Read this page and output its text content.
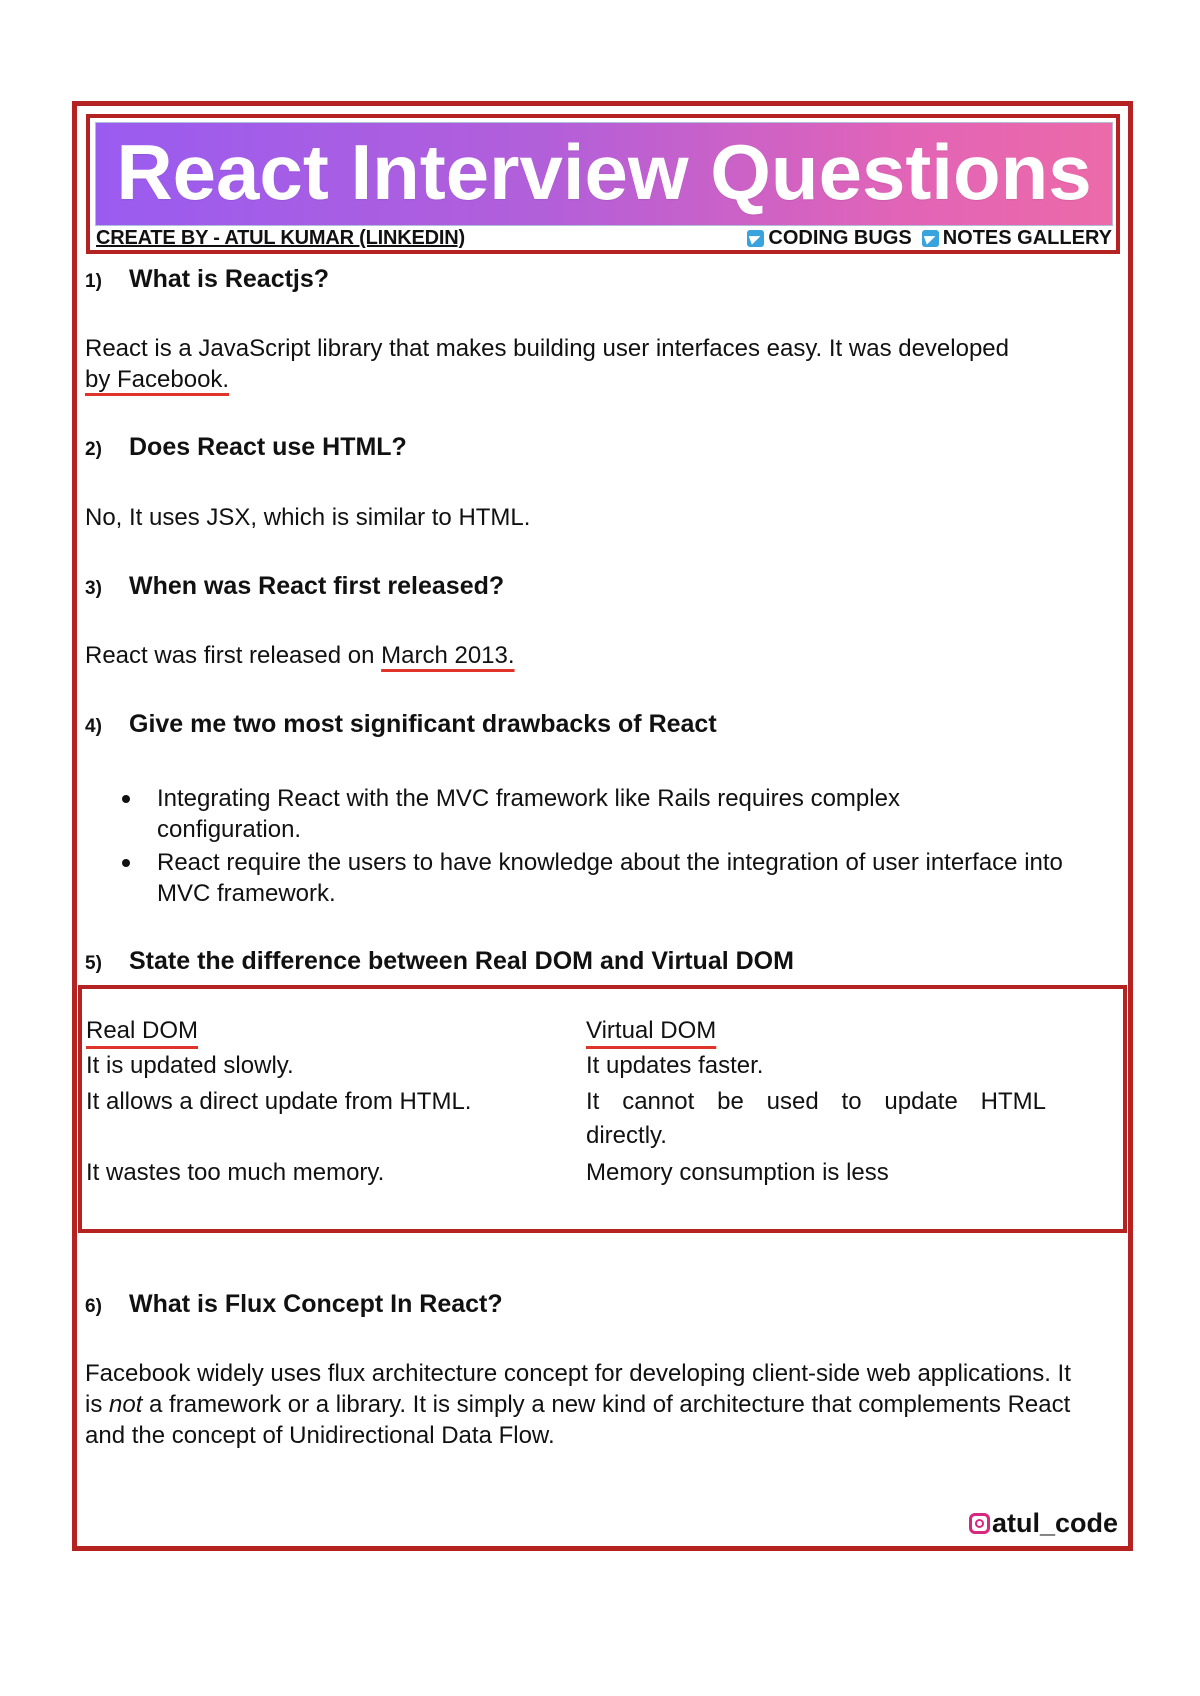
React Interview Questions
CREATE BY - ATUL KUMAR (LINKEDIN)	CODING BUGS NOTES GALLERY
1) What is Reactjs?
React is a JavaScript library that makes building user interfaces easy. It was developed
by Facebook.
2) Does React use HTML?
No, It uses JSX, which is similar to HTML.
3) When was React first released?
React was first released on March 2013.
4) Give me two most significant drawbacks of React
Integrating React with the MVC framework like Rails requires complex configuration.
React require the users to have knowledge about the integration of user interface into MVC framework.
5) State the difference between Real DOM and Virtual DOM
Real DOM	Virtual DOM
It is updated slowly.	It updates faster.
It allows a direct update from HTML.	It cannot be used to update HTML
directly.
It wastes too much memory.	Memory consumption is less
6) What is Flux Concept In React?
Facebook widely uses flux architecture concept for developing client-side web applications. It is not a framework or a library. It is simply a new kind of architecture that complements React and the concept of Unidirectional Data Flow.
atul_code
